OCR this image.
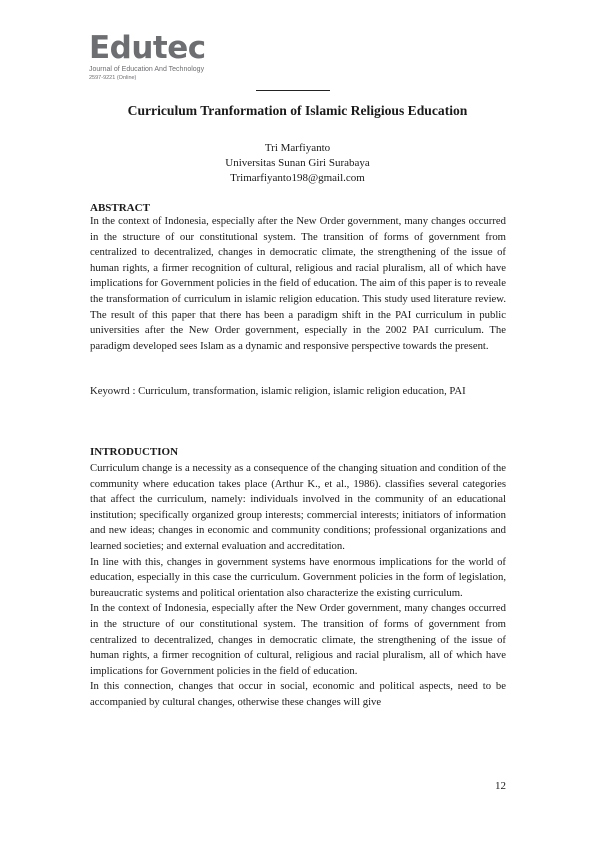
Edutec
Journal of Education And Technology
2597-9221 (Online)
Curriculum Tranformation of Islamic Religious Education
Tri Marfiyanto
Universitas Sunan Giri Surabaya
Trimarfiyanto198@gmail.com
ABSTRACT

In the context of Indonesia, especially after the New Order government, many changes occurred in the structure of our constitutional system. The transition of forms of government from centralized to decentralized, changes in democratic climate, the strengthening of the issue of human rights, a firmer recognition of cultural, religious and racial pluralism, all of which have implications for Government policies in the field of education. The aim of this paper is to reveale the transformation of curriculum in islamic religion education. This study used literature review. The result of this paper that there has been a paradigm shift in the PAI curriculum in public universities after the New Order government, especially in the 2002 PAI curriculum. The paradigm developed sees Islam as a dynamic and responsive perspective towards the present.

Keyowrd : Curriculum, transformation, islamic religion, islamic religion education, PAI

INTRODUCTION

Curriculum change is a necessity as a consequence of the changing situation and condition of the community where education takes place (Arthur K., et al., 1986). classifies several categories that affect the curriculum, namely: individuals involved in the community of an educational institution; specifically organized group interests; commercial interests; initiators of information and new ideas; changes in economic and community conditions; professional organizations and learned societies; and external evaluation and accreditation.

In line with this, changes in government systems have enormous implications for the world of education, especially in this case the curriculum. Government policies in the form of legislation, bureaucratic systems and political orientation also characterize the existing curriculum.

In the context of Indonesia, especially after the New Order government, many changes occurred in the structure of our constitutional system. The transition of forms of government from centralized to decentralized, changes in democratic climate, the strengthening of the issue of human rights, a firmer recognition of cultural, religious and racial pluralism, all of which have implications for Government policies in the field of education.

In this connection, changes that occur in social, economic and political aspects, need to be accompanied by cultural changes, otherwise these changes will give

12
